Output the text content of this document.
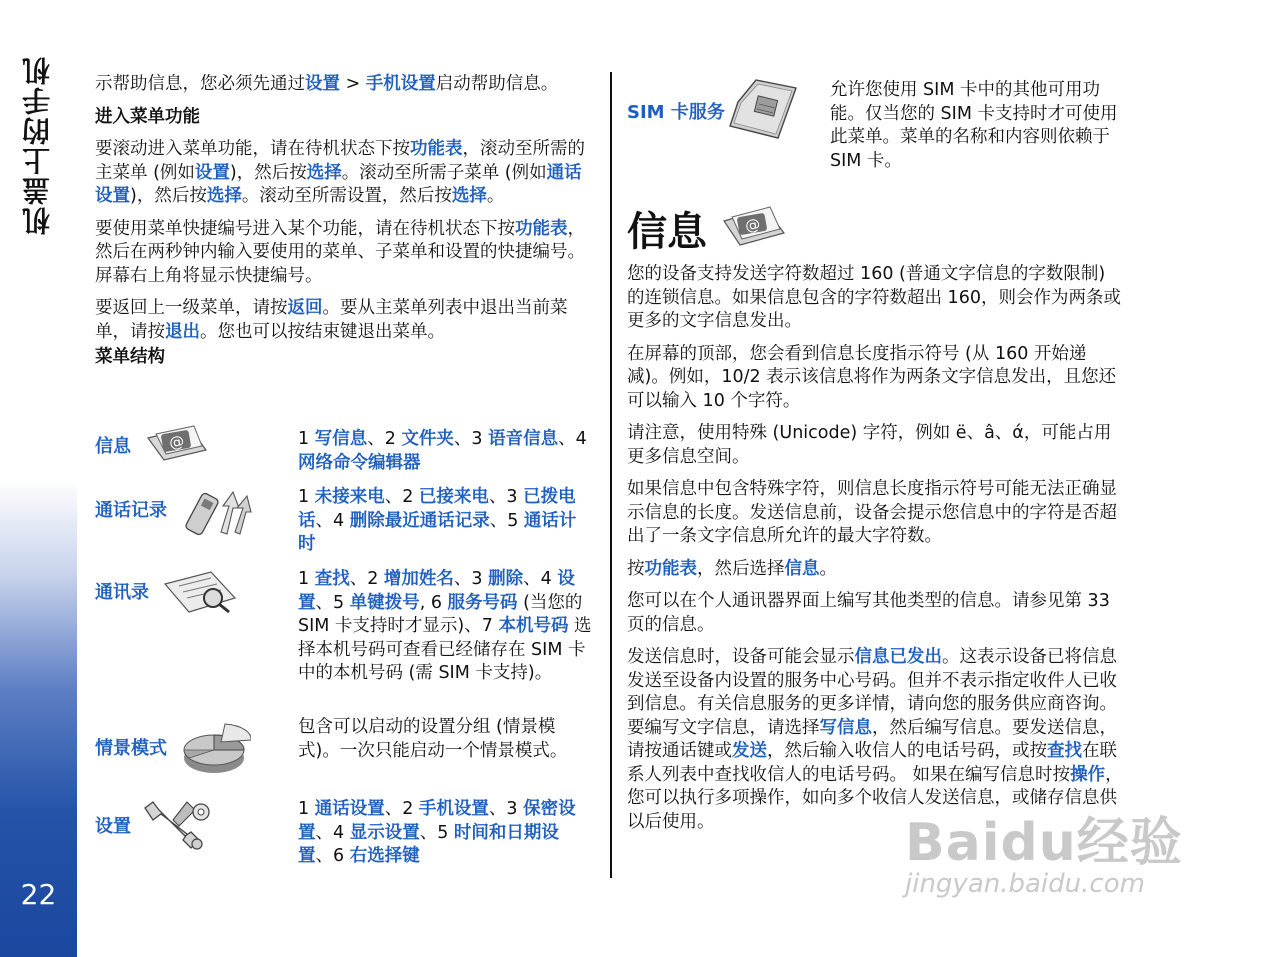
机盖上的手机
22

示帮助信息，您必须先通过设置 > 手机设置启动帮助信息。

进入菜单功能

要滚动进入菜单功能，请在待机状态下按功能表，滚动至所需的主菜单 (例如设置)，然后按选择。滚动至所需子菜单 (例如通话设置)，然后按选择。滚动至所需设置，然后按选择。

要使用菜单快捷编号进入某个功能，请在待机状态下按功能表，然后在两秒钟内输入要使用的菜单、子菜单和设置的快捷编号。屏幕右上角将显示快捷编号。

要返回上一级菜单，请按返回。要从主菜单列表中退出当前菜单，请按退出。您也可以按结束键退出菜单。

菜单结构
信息 @	1 写信息、2 文件夹、3 语音信息、4 网络命令编辑器
通话记录
1 未接来电、2 已接来电、3 已拨电话、4 删除最近通话记录、5 通话计时
通讯录
1 查找、2 增加姓名、3 删除、4 设置、5 单键拨号, 6 服务号码 (当您的 SIM 卡支持时才显示)、7 本机号码 选择本机号码可查看已经储存在 SIM 卡中的本机号码 (需 SIM 卡支持)。
情景模式
包含可以启动的设置分组 (情景模式)。一次只能启动一个情景模式。
设置
1 通话设置、2 手机设置、3 保密设置、4 显示设置、5 时间和日期设置、6 右选择键
SIM 卡服务
允许您使用 SIM 卡中的其他可用功能。仅当您的 SIM 卡支持时才可使用此菜单。菜单的名称和内容则依赖于 SIM 卡。
信息 @

您的设备支持发送字符数超过 160 (普通文字信息的字数限制) 的连锁信息。如果信息包含的字符数超出 160，则会作为两条或更多的文字信息发出。

在屏幕的顶部，您会看到信息长度指示符号 (从 160 开始递减)。例如，10/2 表示该信息将作为两条文字信息发出，且您还可以输入 10 个字符。

请注意，使用特殊 (Unicode) 字符，例如 ë、â、ά，可能占用更多信息空间。

如果信息中包含特殊字符，则信息长度指示符号可能无法正确显示信息的长度。发送信息前，设备会提示您信息中的字符是否超出了一条文字信息所允许的最大字符数。

按功能表，然后选择信息。

您可以在个人通讯器界面上编写其他类型的信息。请参见第 33 页的信息。

发送信息时，设备可能会显示信息已发出。这表示设备已将信息发送至设备内设置的服务中心号码。但并不表示指定收件人已收到信息。有关信息服务的更多详情，请向您的服务供应商咨询。 要编写文字信息，请选择写信息，然后编写信息。要发送信息，请按通话键或发送，然后输入收信人的电话号码，或按查找在联系人列表中查找收信人的电话号码。 如果在编写信息时按操作，您可以执行多项操作，如向多个收信人发送信息，或储存信息供以后使用。	Baidu经验
jingyan.baidu.com
